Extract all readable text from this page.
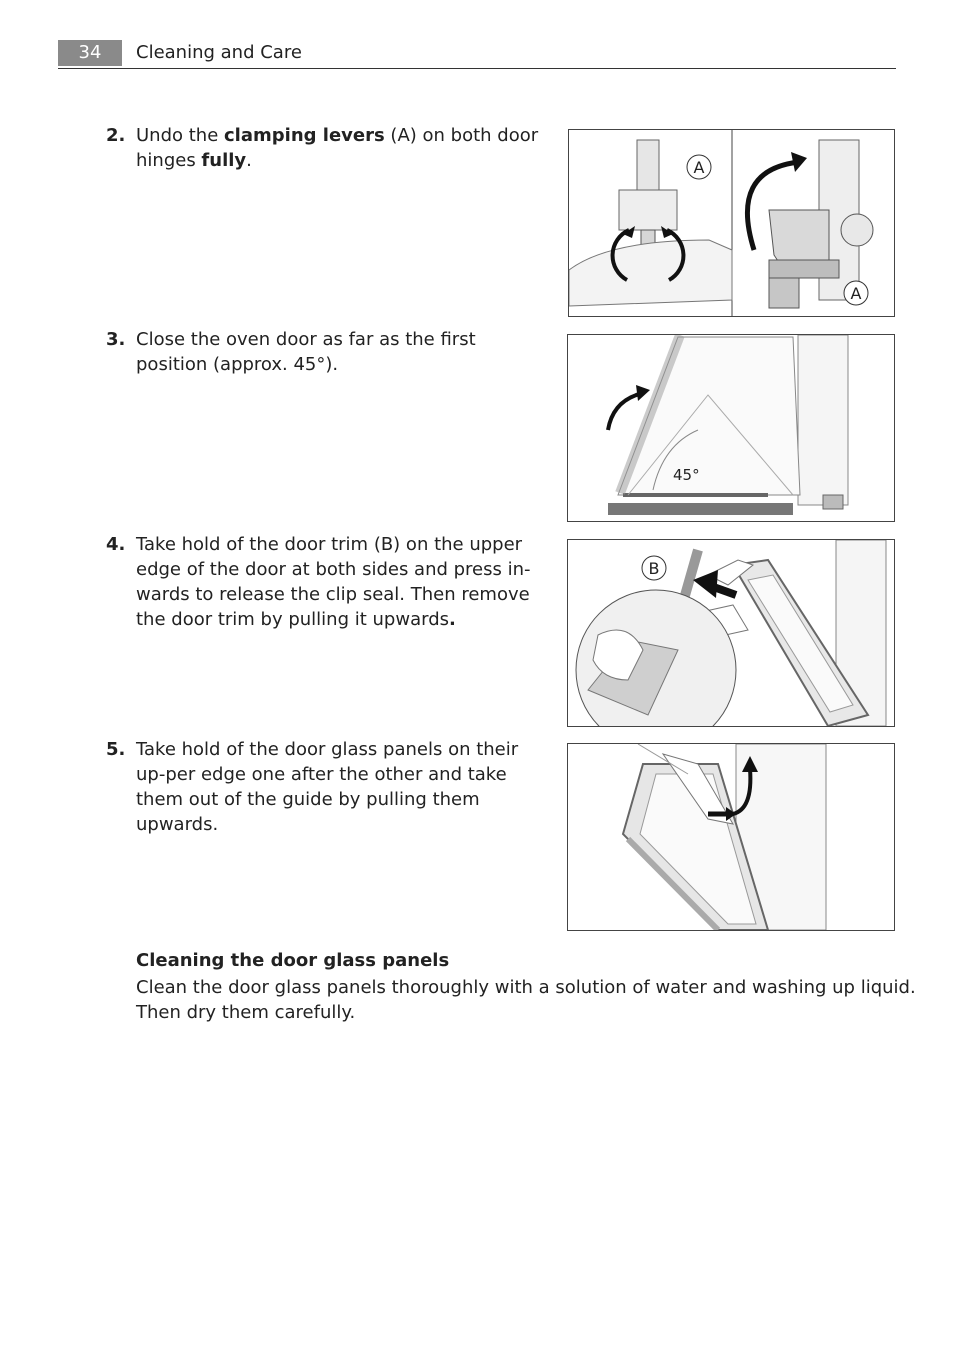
34	Cleaning and Care
2. Undo the clamping levers (A) on both door hinges fully.	A
A
3. Close the oven door as far as the first position (approx. 45°).
45°
4. Take hold of the door trim (B) on the upper edge of the door at both sides and press in-wards to release the clip seal. Then remove the door trim by pulling it upwards.
B
5. Take hold of the door glass panels on their up-per edge one after the other and take them out of the guide by pulling them upwards.
Cleaning the door glass panels
Clean the door glass panels thoroughly with a solution of water and washing up liquid. Then dry them carefully.
